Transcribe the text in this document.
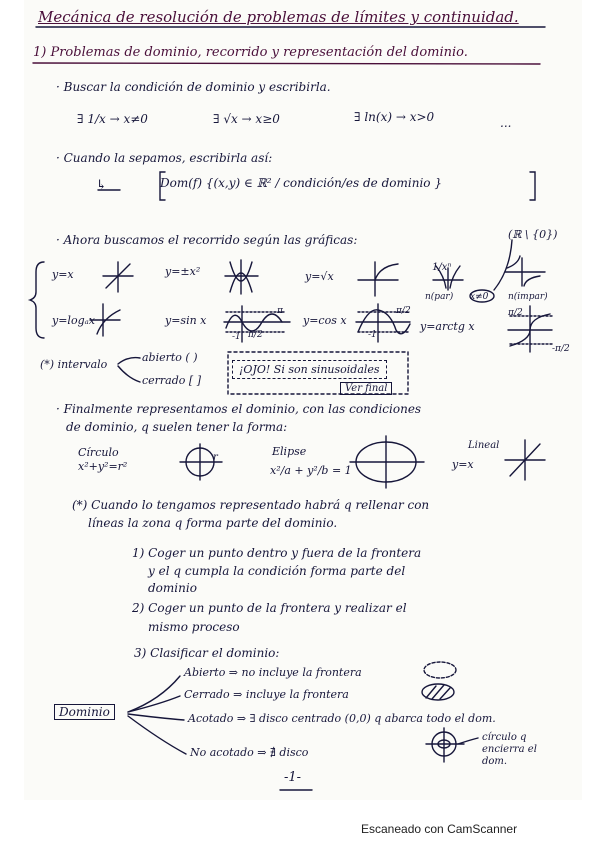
Mecánica de resolución de problemas de límites y continuidad.
1) Problemas de dominio, recorrido y representación del dominio.
· Buscar la condición de dominio y escribirla.
∃ 1/x → x≠0	∃ √x → x≥0	∃ ln(x) → x>0	...
· Cuando la sepamos, escribirla así:
↳	Dom(f) {(x,y) ∈ ℝ² / condición/es de dominio }
· Ahora buscamos el recorrido según las gráficas:	(ℝ \ {0})
y=x	y=±x²	y=√x
1/xⁿ
n(par) x≠0 n(impar)
y=logₐx	y=sin x	y=cos x	y=arctg x
π
π/2
-1
π/2
-1
π/2
-π/2
(*) intervalo
abierto ( )
cerrado [ ]
¡OJO! Si son sinusoidales
Ver final
· Finalmente representamos el dominio, con las condiciones
de dominio, q suelen tener la forma:
Círculo
x²+y²=r²
r	Elipse
x²/a + y²/b = 1
Lineal
y=x
(*) Cuando lo tengamos representado habrá q rellenar con
líneas la zona q forma parte del dominio.
1) Coger un punto dentro y fuera de la frontera
y el q cumpla la condición forma parte del
dominio
2) Coger un punto de la frontera y realizar el
mismo proceso
3) Clasificar el dominio:
Dominio
Abierto ⇒ no incluye la frontera
Cerrado ⇒ incluye la frontera
Acotado ⇒ ∃ disco centrado (0,0) q abarca todo el dom.
No acotado ⇒ ∄ disco
círculo q encierra el dom.
-1-
Escaneado con CamScanner
